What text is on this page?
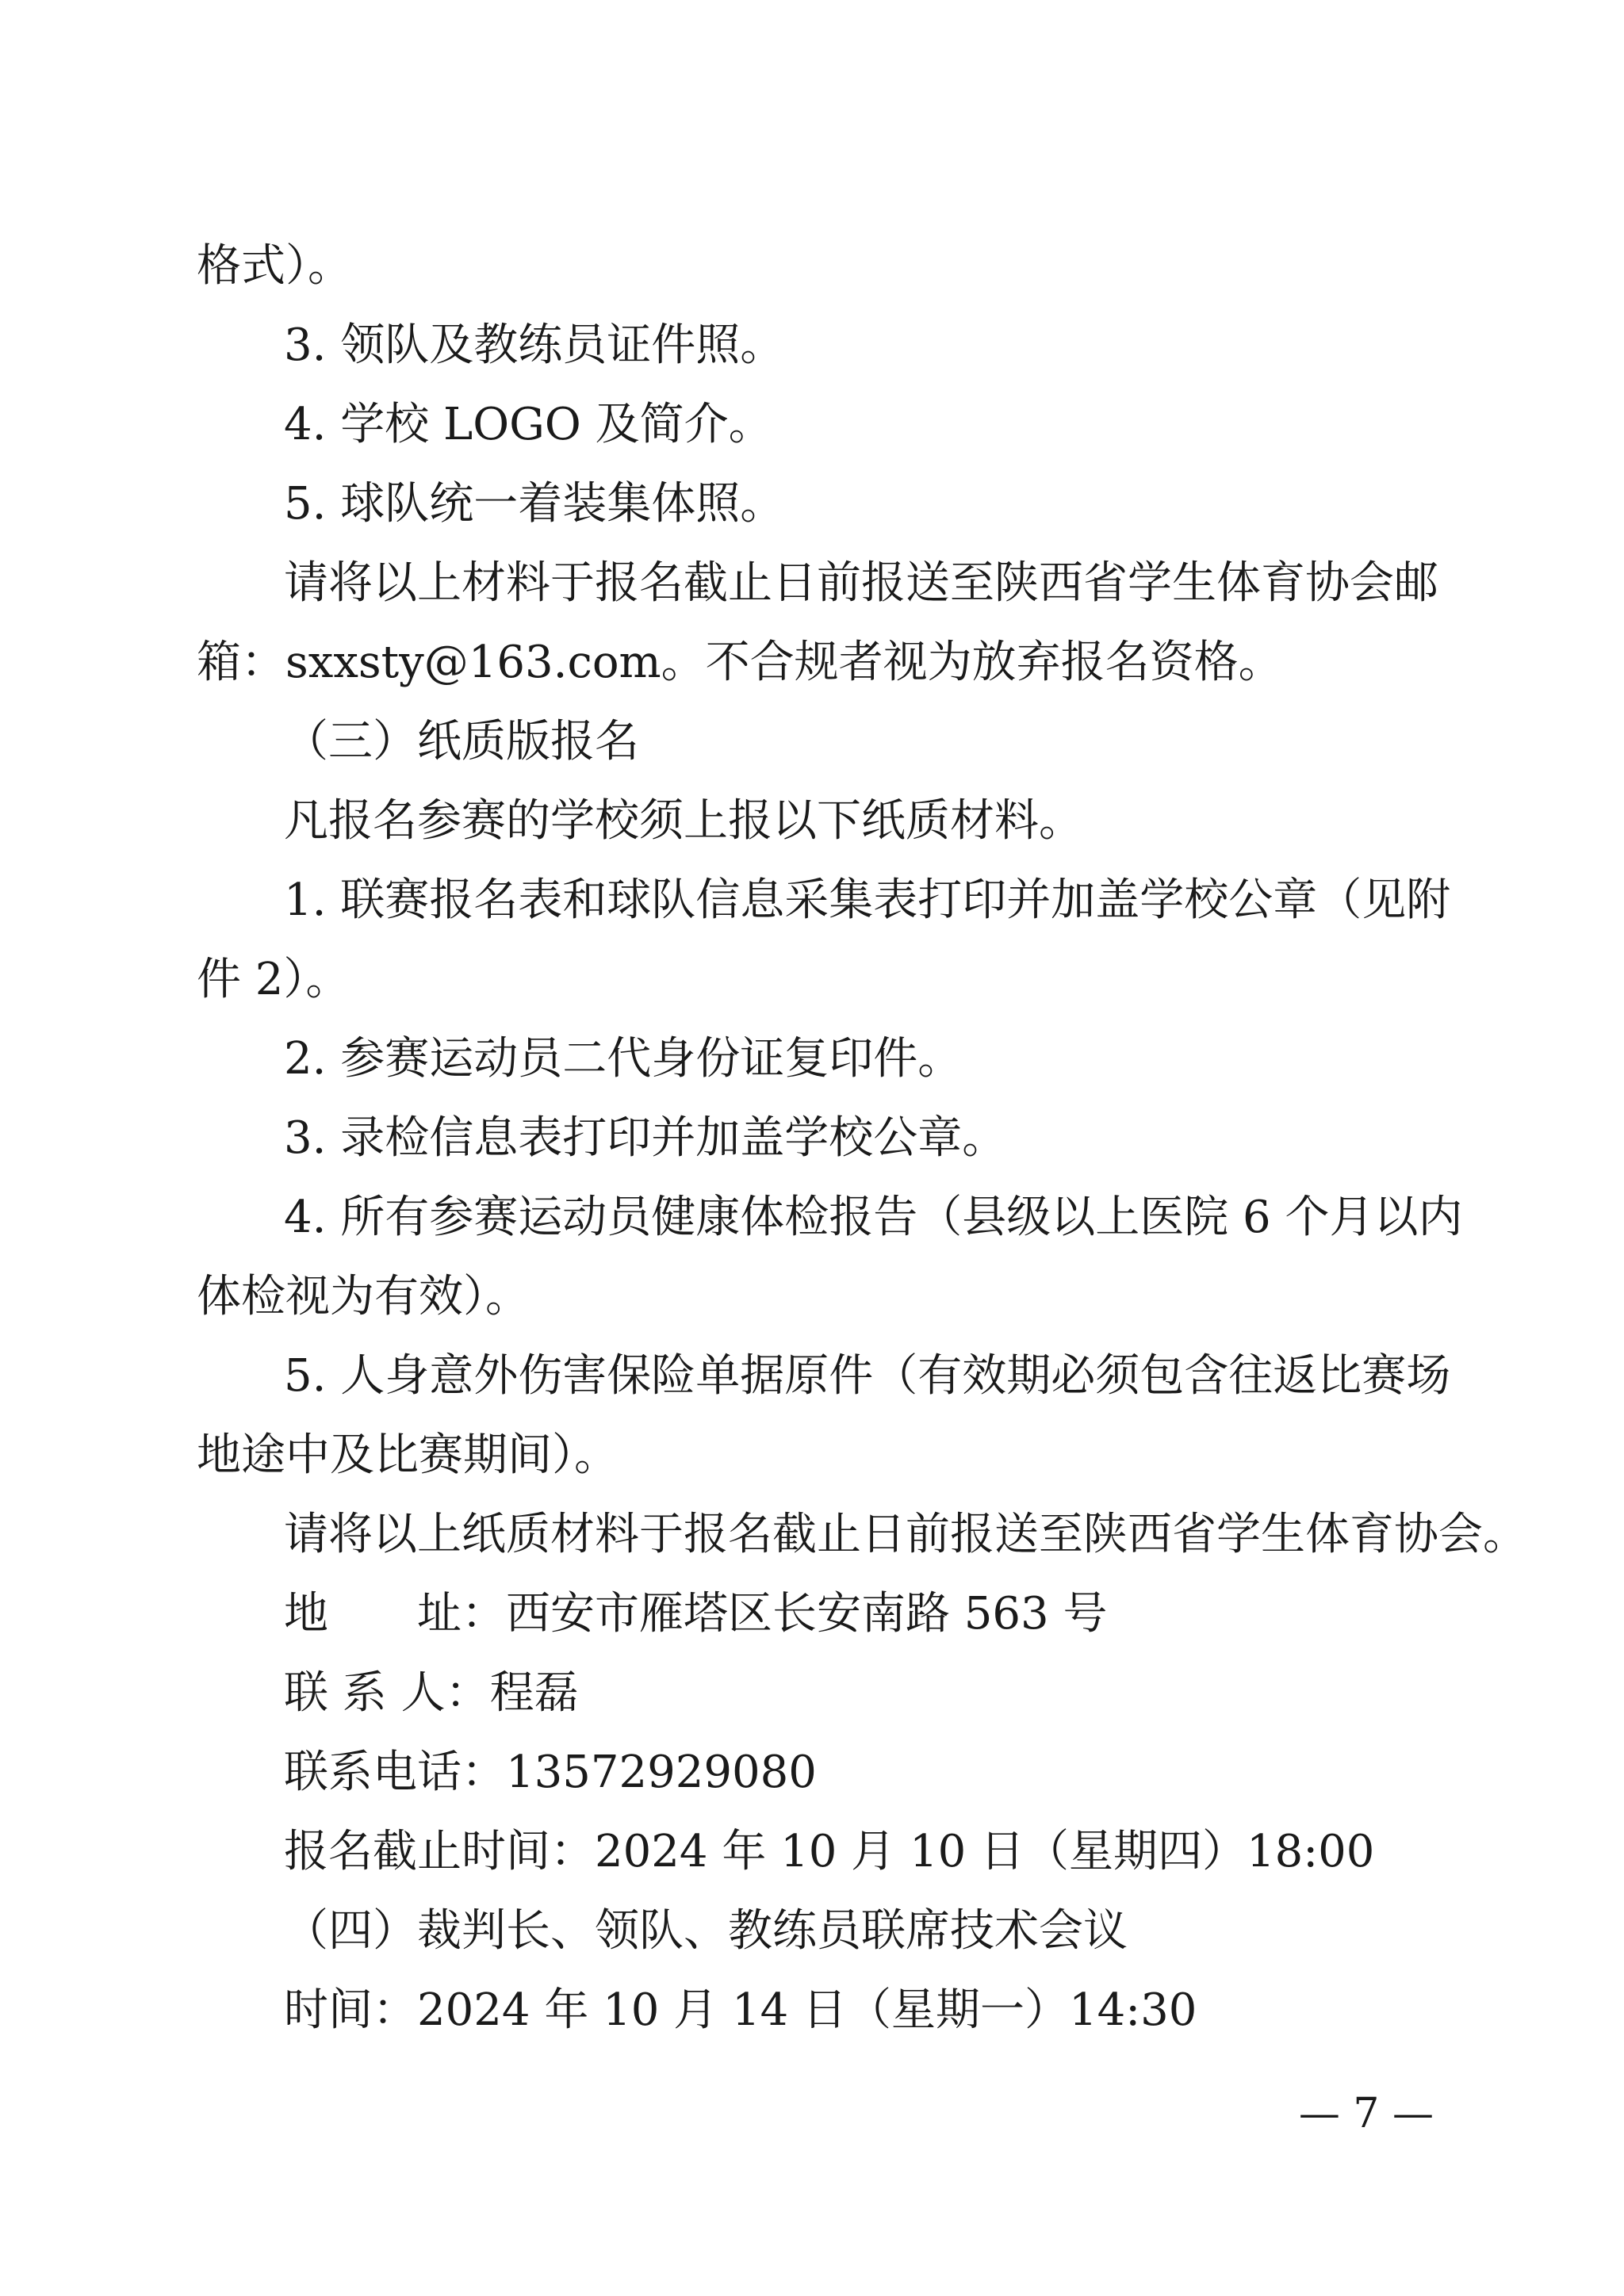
格式）。

3. 领队及教练员证件照。

4. 学校 LOGO 及简介。

5. 球队统一着装集体照。

请将以上材料于报名截止日前报送至陕西省学生体育协会邮

箱：sxxsty@163.com。不合规者视为放弃报名资格。

（三）纸质版报名

凡报名参赛的学校须上报以下纸质材料。

1. 联赛报名表和球队信息采集表打印并加盖学校公章（见附

件 2）。

2. 参赛运动员二代身份证复印件。

3. 录检信息表打印并加盖学校公章。

4. 所有参赛运动员健康体检报告（县级以上医院 6 个月以内

体检视为有效）。

5. 人身意外伤害保险单据原件（有效期必须包含往返比赛场

地途中及比赛期间）。

请将以上纸质材料于报名截止日前报送至陕西省学生体育协会。

地　　址：西安市雁塔区长安南路 563 号

联 系 人：程磊

联系电话：13572929080

报名截止时间：2024 年 10 月 10 日（星期四）18:00

（四）裁判长、领队、教练员联席技术会议

时间：2024 年 10 月 14 日（星期一）14:30

— 7 —
